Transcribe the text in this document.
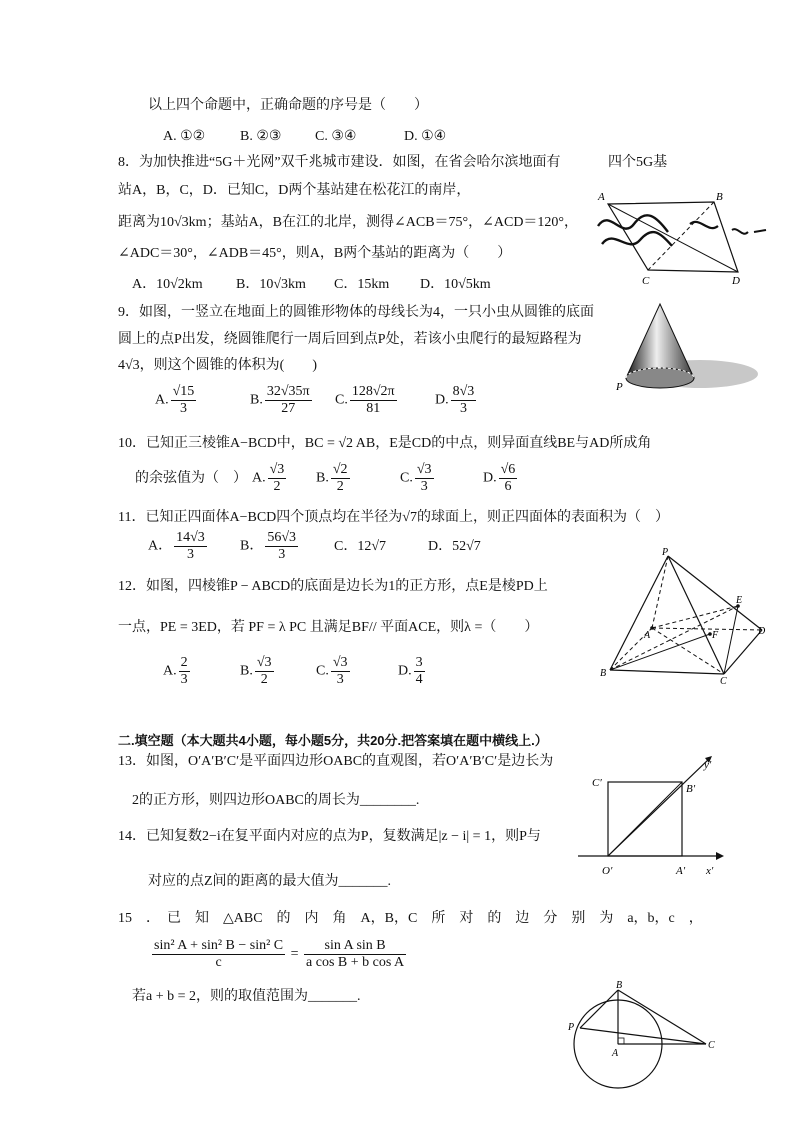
以上四个命题中，正确命题的序号是（　　）
A. ①② B. ②③ C. ③④	D. ①④
8．为加快推进“5G＋光网”双千兆城市建设．如图，在省会哈尔滨地面有	四个5G基
站A，B，C，D．已知C，D两个基站建在松花江的南岸，
距离为10√3km；基站A，B在江的北岸，测得∠ACB＝75°，∠ACD＝120°，
∠ADC＝30°，∠ADB＝45°，则A，B两个基站的距离为（　　）
A．10√2km B．10√3km C．15km D．10√5km
A	B
C	D
9．如图，一竖立在地面上的圆锥形物体的母线长为4，一只小虫从圆锥的底面
圆上的点P出发，绕圆锥爬行一周后回到点P处，若该小虫爬行的最短路程为
4√3，则这个圆锥的体积为(　　)
A. $\frac{√15}{3}$	B. $\frac{32√35\pi}{27} C$. $\frac{128√2\pi}{81}$	D. $\frac{8√3}{3}$	P
10．已知正三棱锥A−BCD中，BC = √2 AB，E是CD的中点，则异面直线BE与AD所成角
的余弦值为（　） A. $\frac{√3}{2} B$. $\frac{√2}{2}$	C. $\frac{√3}{3}$	D. $\frac{√6}{6}$
11．已知正四面体A−BCD四个顶点均在半径为√7的球面上，则正四面体的表面积为（　）
A． $\frac{14√3}{3}$ B． $\frac{56√3}{3}$	C．12√7	D．52√7
12．如图，四棱锥P − ABCD的底面是边长为1的正方形，点E是棱PD上
一点，PE = 3ED，若 PF = λ PC 且满足BF// 平面ACE，则λ =（　　）
A. $\frac{2}{3}$	B. $\frac{√3}{2}$	C. $\frac{√3}{3}$	D. $\frac{3}{4}$
P
E
A	F	D
B
C
二.填空题（本大题共4小题，每小题5分，共20分.把答案填在题中横线上.）
13．如图，O′A′B′C′是平面四边形OABC的直观图，若O′A′B′C′是边长为
2的正方形，则四边形OABC的周长为________.
C′
y′
B′
O′	A′ x′
14．已知复数2−i在复平面内对应的点为P，复数满足|z − i| = 1，则P与
对应的点Z间的距离的最大值为_______.
15　．　已　知　△ABC　的　内　角　A，B，C　所　对　的　边　分　别　为　a，b，c　，
$\frac{\text{sin² A + sin² B − sin² C}}{c} = \frac{\text{sin A sin B}}{\text{a cos B + b cos A}}$
若a + b = 2，则的取值范围为_______.
B
P
A
C
